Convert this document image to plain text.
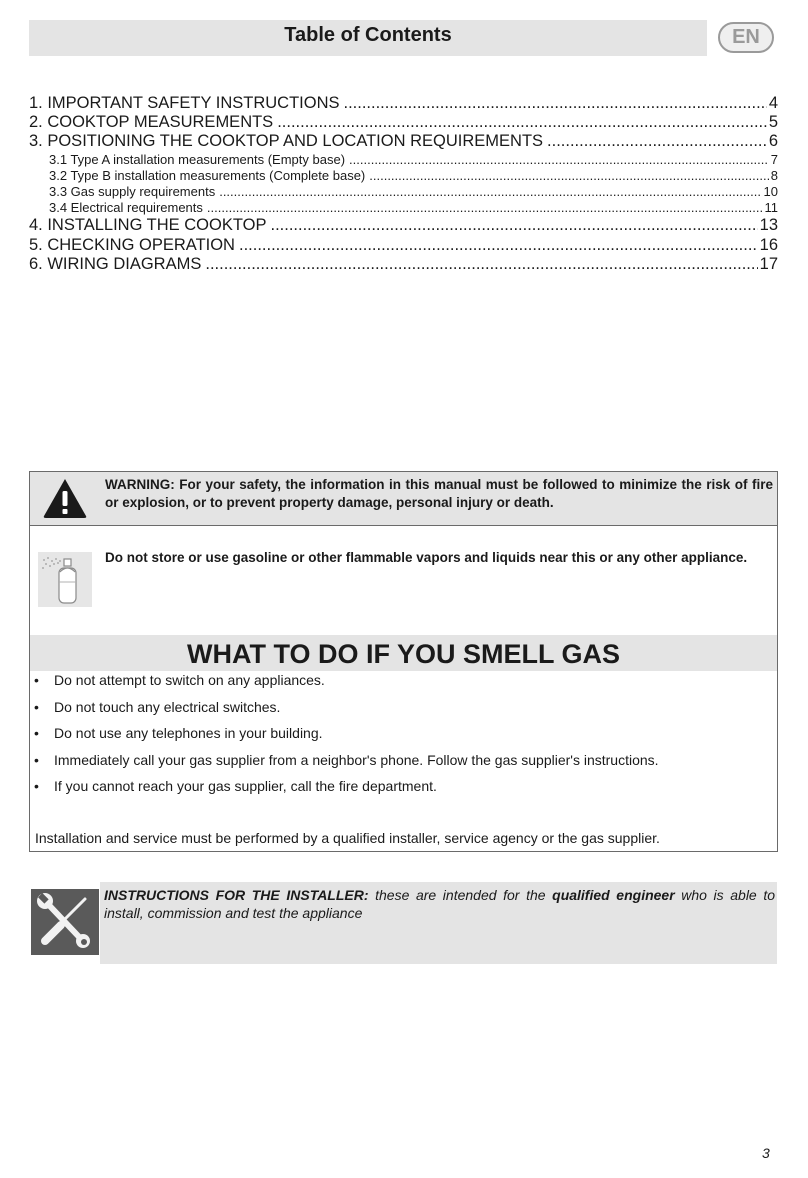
Table of Contents	EN
1. IMPORTANT SAFETY INSTRUCTIONS .....	4
2. COOKTOP MEASUREMENTS .....	5
3. POSITIONING THE COOKTOP AND LOCATION REQUIREMENTS .....	6
3.1 Type A installation measurements (Empty base) .....	7
3.2 Type B installation measurements (Complete base) .....	8
3.3 Gas supply requirements .....	10
3.4 Electrical requirements .....	11
4. INSTALLING THE COOKTOP .....	13
5. CHECKING OPERATION .....	16
6. WIRING DIAGRAMS .....	17
WARNING: For your safety, the information in this manual must be followed to minimize the risk of fire or explosion, or to prevent property damage, personal injury or death.
Do not store or use gasoline or other flammable vapors and liquids near this or any other appliance.
WHAT TO DO IF YOU SMELL GAS
• Do not attempt to switch on any appliances.
• Do not touch any electrical switches.
• Do not use any telephones in your building.
• Immediately call your gas supplier from a neighbor's phone. Follow the gas supplier's instructions.
• If you cannot reach your gas supplier, call the fire department.
Installation and service must be performed by a qualified installer, service agency or the gas supplier.
INSTRUCTIONS FOR THE INSTALLER: these are intended for the qualified engineer who is able to install, commission and test the appliance
3
